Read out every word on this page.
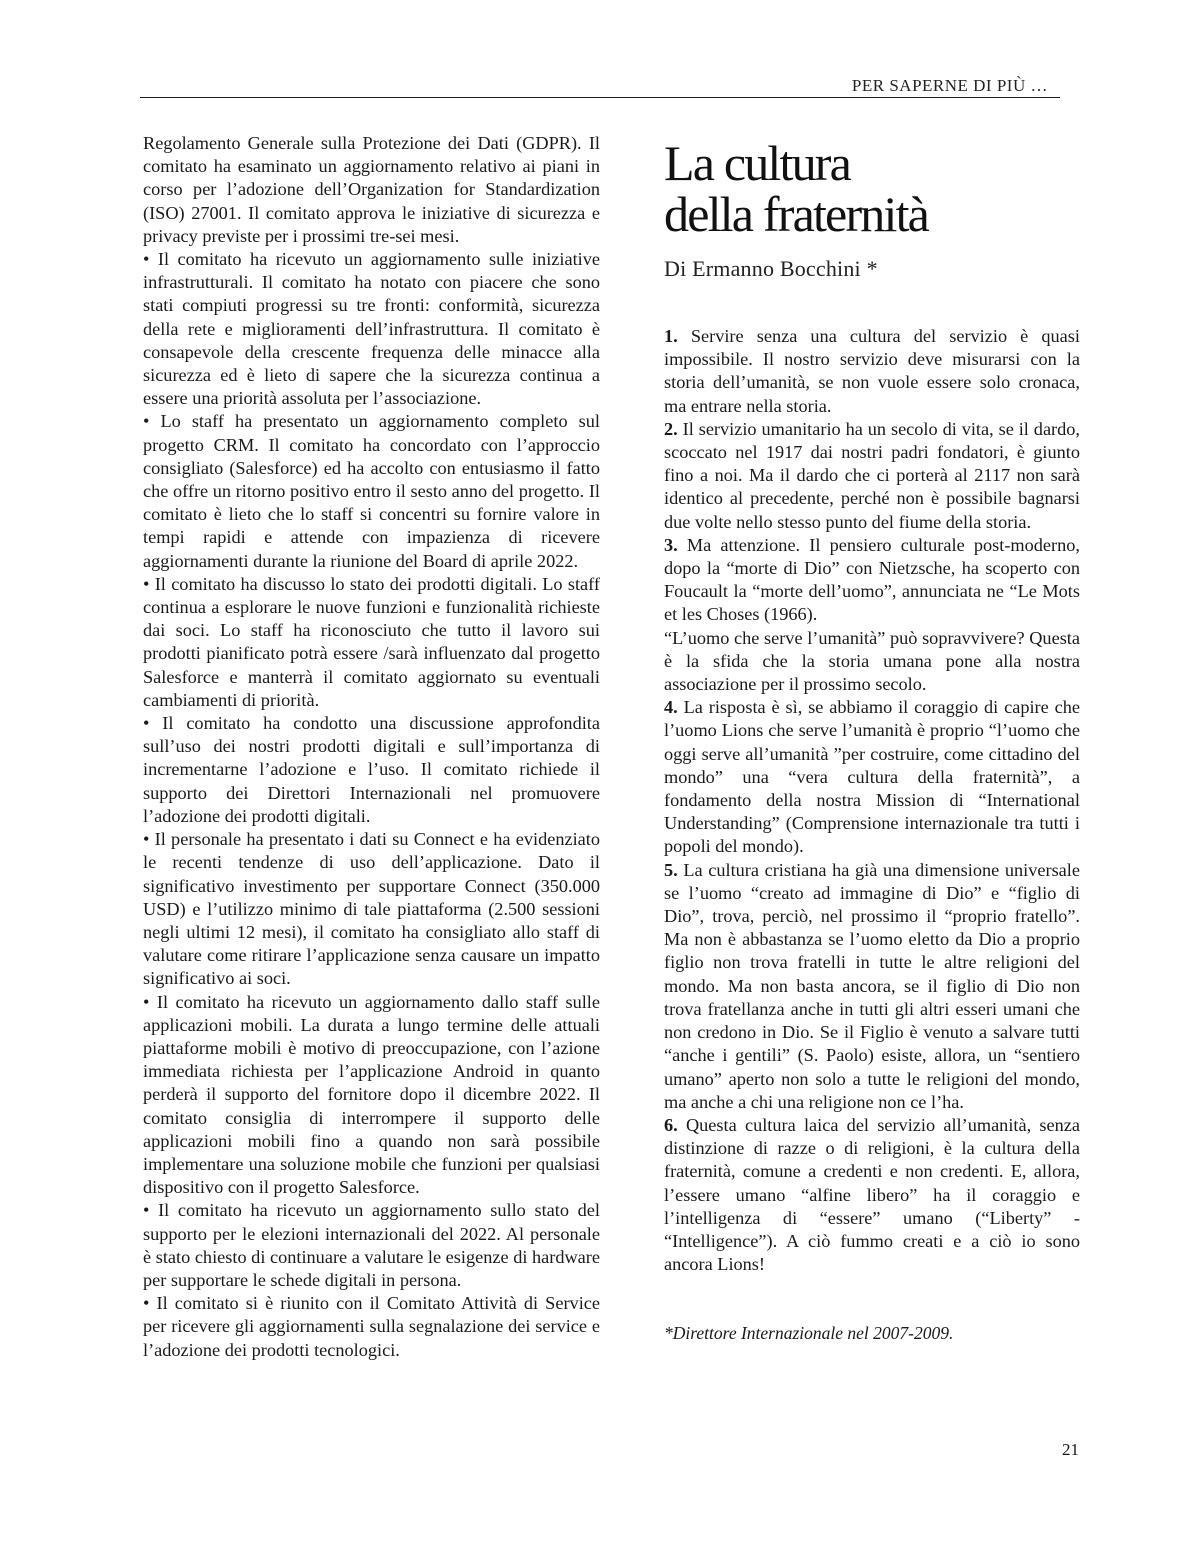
PER SAPERNE DI PIÙ …

Regolamento Generale sulla Protezione dei Dati (GDPR). Il comitato ha esaminato un aggiornamento relativo ai piani in corso per l’adozione dell’Organization for Standardization (ISO) 27001. Il comitato approva le iniziative di sicurezza e privacy previste per i prossimi tre-sei mesi.

• Il comitato ha ricevuto un aggiornamento sulle iniziative infrastrutturali. Il comitato ha notato con piacere che sono stati compiuti progressi su tre fronti: conformità, sicurezza della rete e miglioramenti dell’infrastruttura. Il comitato è consapevole della crescente frequenza delle minacce alla sicurezza ed è lieto di sapere che la sicurezza continua a essere una priorità assoluta per l’associazione.

• Lo staff ha presentato un aggiornamento completo sul progetto CRM. Il comitato ha concordato con l’approccio consigliato (Salesforce) ed ha accolto con entusiasmo il fatto che offre un ritorno positivo entro il sesto anno del progetto. Il comitato è lieto che lo staff si concentri su fornire valore in tempi rapidi e attende con impazienza di ricevere aggiornamenti durante la riunione del Board di aprile 2022.

• Il comitato ha discusso lo stato dei prodotti digitali. Lo staff continua a esplorare le nuove funzioni e funzionalità richieste dai soci. Lo staff ha riconosciuto che tutto il lavoro sui prodotti pianificato potrà essere /sarà influenzato dal progetto Salesforce e manterrà il comitato aggiornato su eventuali cambiamenti di priorità.

• Il comitato ha condotto una discussione approfondita sull’uso dei nostri prodotti digitali e sull’importanza di incrementarne l’adozione e l’uso. Il comitato richiede il supporto dei Direttori Internazionali nel promuovere l’adozione dei prodotti digitali.

• Il personale ha presentato i dati su Connect e ha evidenziato le recenti tendenze di uso dell’applicazione. Dato il significativo investimento per supportare Connect (350.000 USD) e l’utilizzo minimo di tale piattaforma (2.500 sessioni negli ultimi 12 mesi), il comitato ha consigliato allo staff di valutare come ritirare l’applicazione senza causare un impatto significativo ai soci.

• Il comitato ha ricevuto un aggiornamento dallo staff sulle applicazioni mobili. La durata a lungo termine delle attuali piattaforme mobili è motivo di preoccupazione, con l’azione immediata richiesta per l’applicazione Android in quanto perderà il supporto del fornitore dopo il dicembre 2022. Il comitato consiglia di interrompere il supporto delle applicazioni mobili fino a quando non sarà possibile implementare una soluzione mobile che funzioni per qualsiasi dispositivo con il progetto Salesforce.

• Il comitato ha ricevuto un aggiornamento sullo stato del supporto per le elezioni internazionali del 2022. Al personale è stato chiesto di continuare a valutare le esigenze di hardware per supportare le schede digitali in persona.

• Il comitato si è riunito con il Comitato Attività di Service per ricevere gli aggiornamenti sulla segnalazione dei service e l’adozione dei prodotti tecnologici.

La cultura
della fraternità
Di Ermanno Bocchini *

1. Servire senza una cultura del servizio è quasi impossibile. Il nostro servizio deve misurarsi con la storia dell’umanità, se non vuole essere solo cronaca, ma entrare nella storia.

2. Il servizio umanitario ha un secolo di vita, se il dardo, scoccato nel 1917 dai nostri padri fondatori, è giunto fino a noi. Ma il dardo che ci porterà al 2117 non sarà identico al precedente, perché non è possibile bagnarsi due volte nello stesso punto del fiume della storia.

3. Ma attenzione. Il pensiero culturale post-moderno, dopo la “morte di Dio” con Nietzsche, ha scoperto con Foucault la “morte dell’uomo”, annunciata ne “Le Mots et les Choses (1966).

“L’uomo che serve l’umanità” può sopravvivere? Questa è la sfida che la storia umana pone alla nostra associazione per il prossimo secolo.

4. La risposta è sì, se abbiamo il coraggio di capire che l’uomo Lions che serve l’umanità è proprio “l’uomo che oggi serve all’umanità ”per costruire, come cittadino del mondo” una “vera cultura della fraternità”, a fondamento della nostra Mission di “International Understanding” (Comprensione internazionale tra tutti i popoli del mondo).

5. La cultura cristiana ha già una dimensione universale se l’uomo “creato ad immagine di Dio” e “figlio di Dio”, trova, perciò, nel prossimo il “proprio fratello”. Ma non è abbastanza se l’uomo eletto da Dio a proprio figlio non trova fratelli in tutte le altre religioni del mondo. Ma non basta ancora, se il figlio di Dio non trova fratellanza anche in tutti gli altri esseri umani che non credono in Dio. Se il Figlio è venuto a salvare tutti “anche i gentili” (S. Paolo) esiste, allora, un “sentiero umano” aperto non solo a tutte le religioni del mondo, ma anche a chi una religione non ce l’ha.

6. Questa cultura laica del servizio all’umanità, senza distinzione di razze o di religioni, è la cultura della fraternità, comune a credenti e non credenti. E, allora, l’essere umano “alfine libero” ha il coraggio e l’intelligenza di “essere” umano (“Liberty” - “Intelligence”). A ciò fummo creati e a ciò io sono ancora Lions!

*Direttore Internazionale nel 2007-2009.
21
